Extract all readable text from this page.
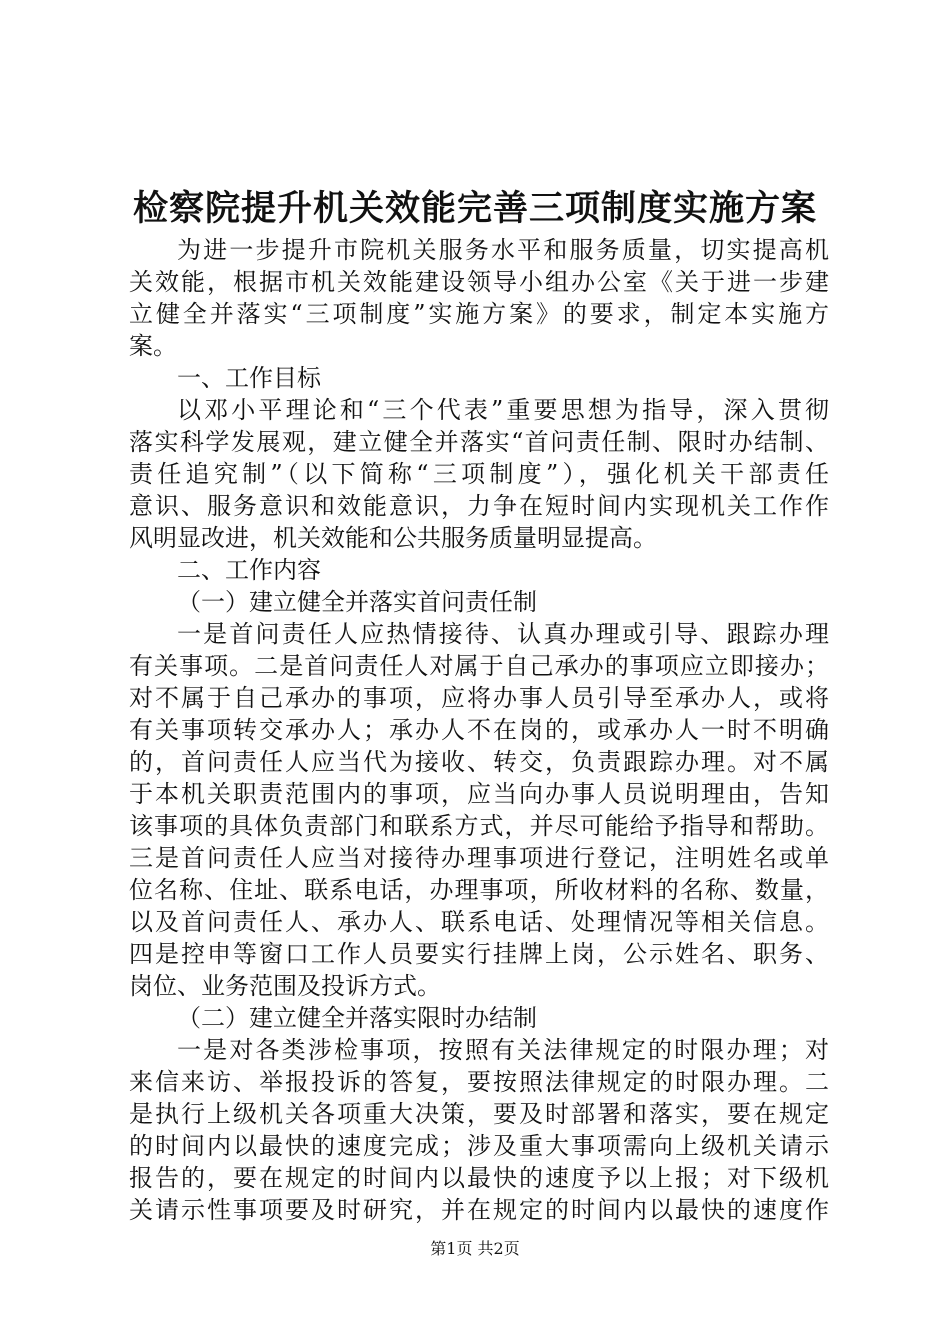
检察院提升机关效能完善三项制度实施方案
为进一步提升市院机关服务水平和服务质量，切实提高机
关效能，根据市机关效能建设领导小组办公室《关于进一步建
立健全并落实“三项制度”实施方案》的要求，制定本实施方
案。
一、工作目标
以邓小平理论和“三个代表”重要思想为指导，深入贯彻
落实科学发展观，建立健全并落实“首问责任制、限时办结制、
责任追究制”（以下简称“三项制度”），强化机关干部责任
意识、服务意识和效能意识，力争在短时间内实现机关工作作
风明显改进，机关效能和公共服务质量明显提高。
二、工作内容
（一）建立健全并落实首问责任制
一是首问责任人应热情接待、认真办理或引导、跟踪办理
有关事项。二是首问责任人对属于自己承办的事项应立即接办；
对不属于自己承办的事项，应将办事人员引导至承办人，或将
有关事项转交承办人；承办人不在岗的，或承办人一时不明确
的，首问责任人应当代为接收、转交，负责跟踪办理。对不属
于本机关职责范围内的事项，应当向办事人员说明理由，告知
该事项的具体负责部门和联系方式，并尽可能给予指导和帮助。
三是首问责任人应当对接待办理事项进行登记，注明姓名或单
位名称、住址、联系电话，办理事项，所收材料的名称、数量，
以及首问责任人、承办人、联系电话、处理情况等相关信息。
四是控申等窗口工作人员要实行挂牌上岗，公示姓名、职务、
岗位、业务范围及投诉方式。
（二）建立健全并落实限时办结制
一是对各类涉检事项，按照有关法律规定的时限办理；对
来信来访、举报投诉的答复，要按照法律规定的时限办理。二
是执行上级机关各项重大决策，要及时部署和落实，要在规定
的时间内以最快的速度完成；涉及重大事项需向上级机关请示
报告的，要在规定的时间内以最快的速度予以上报；对下级机
关请示性事项要及时研究，并在规定的时间内以最快的速度作
第1页 共2页
